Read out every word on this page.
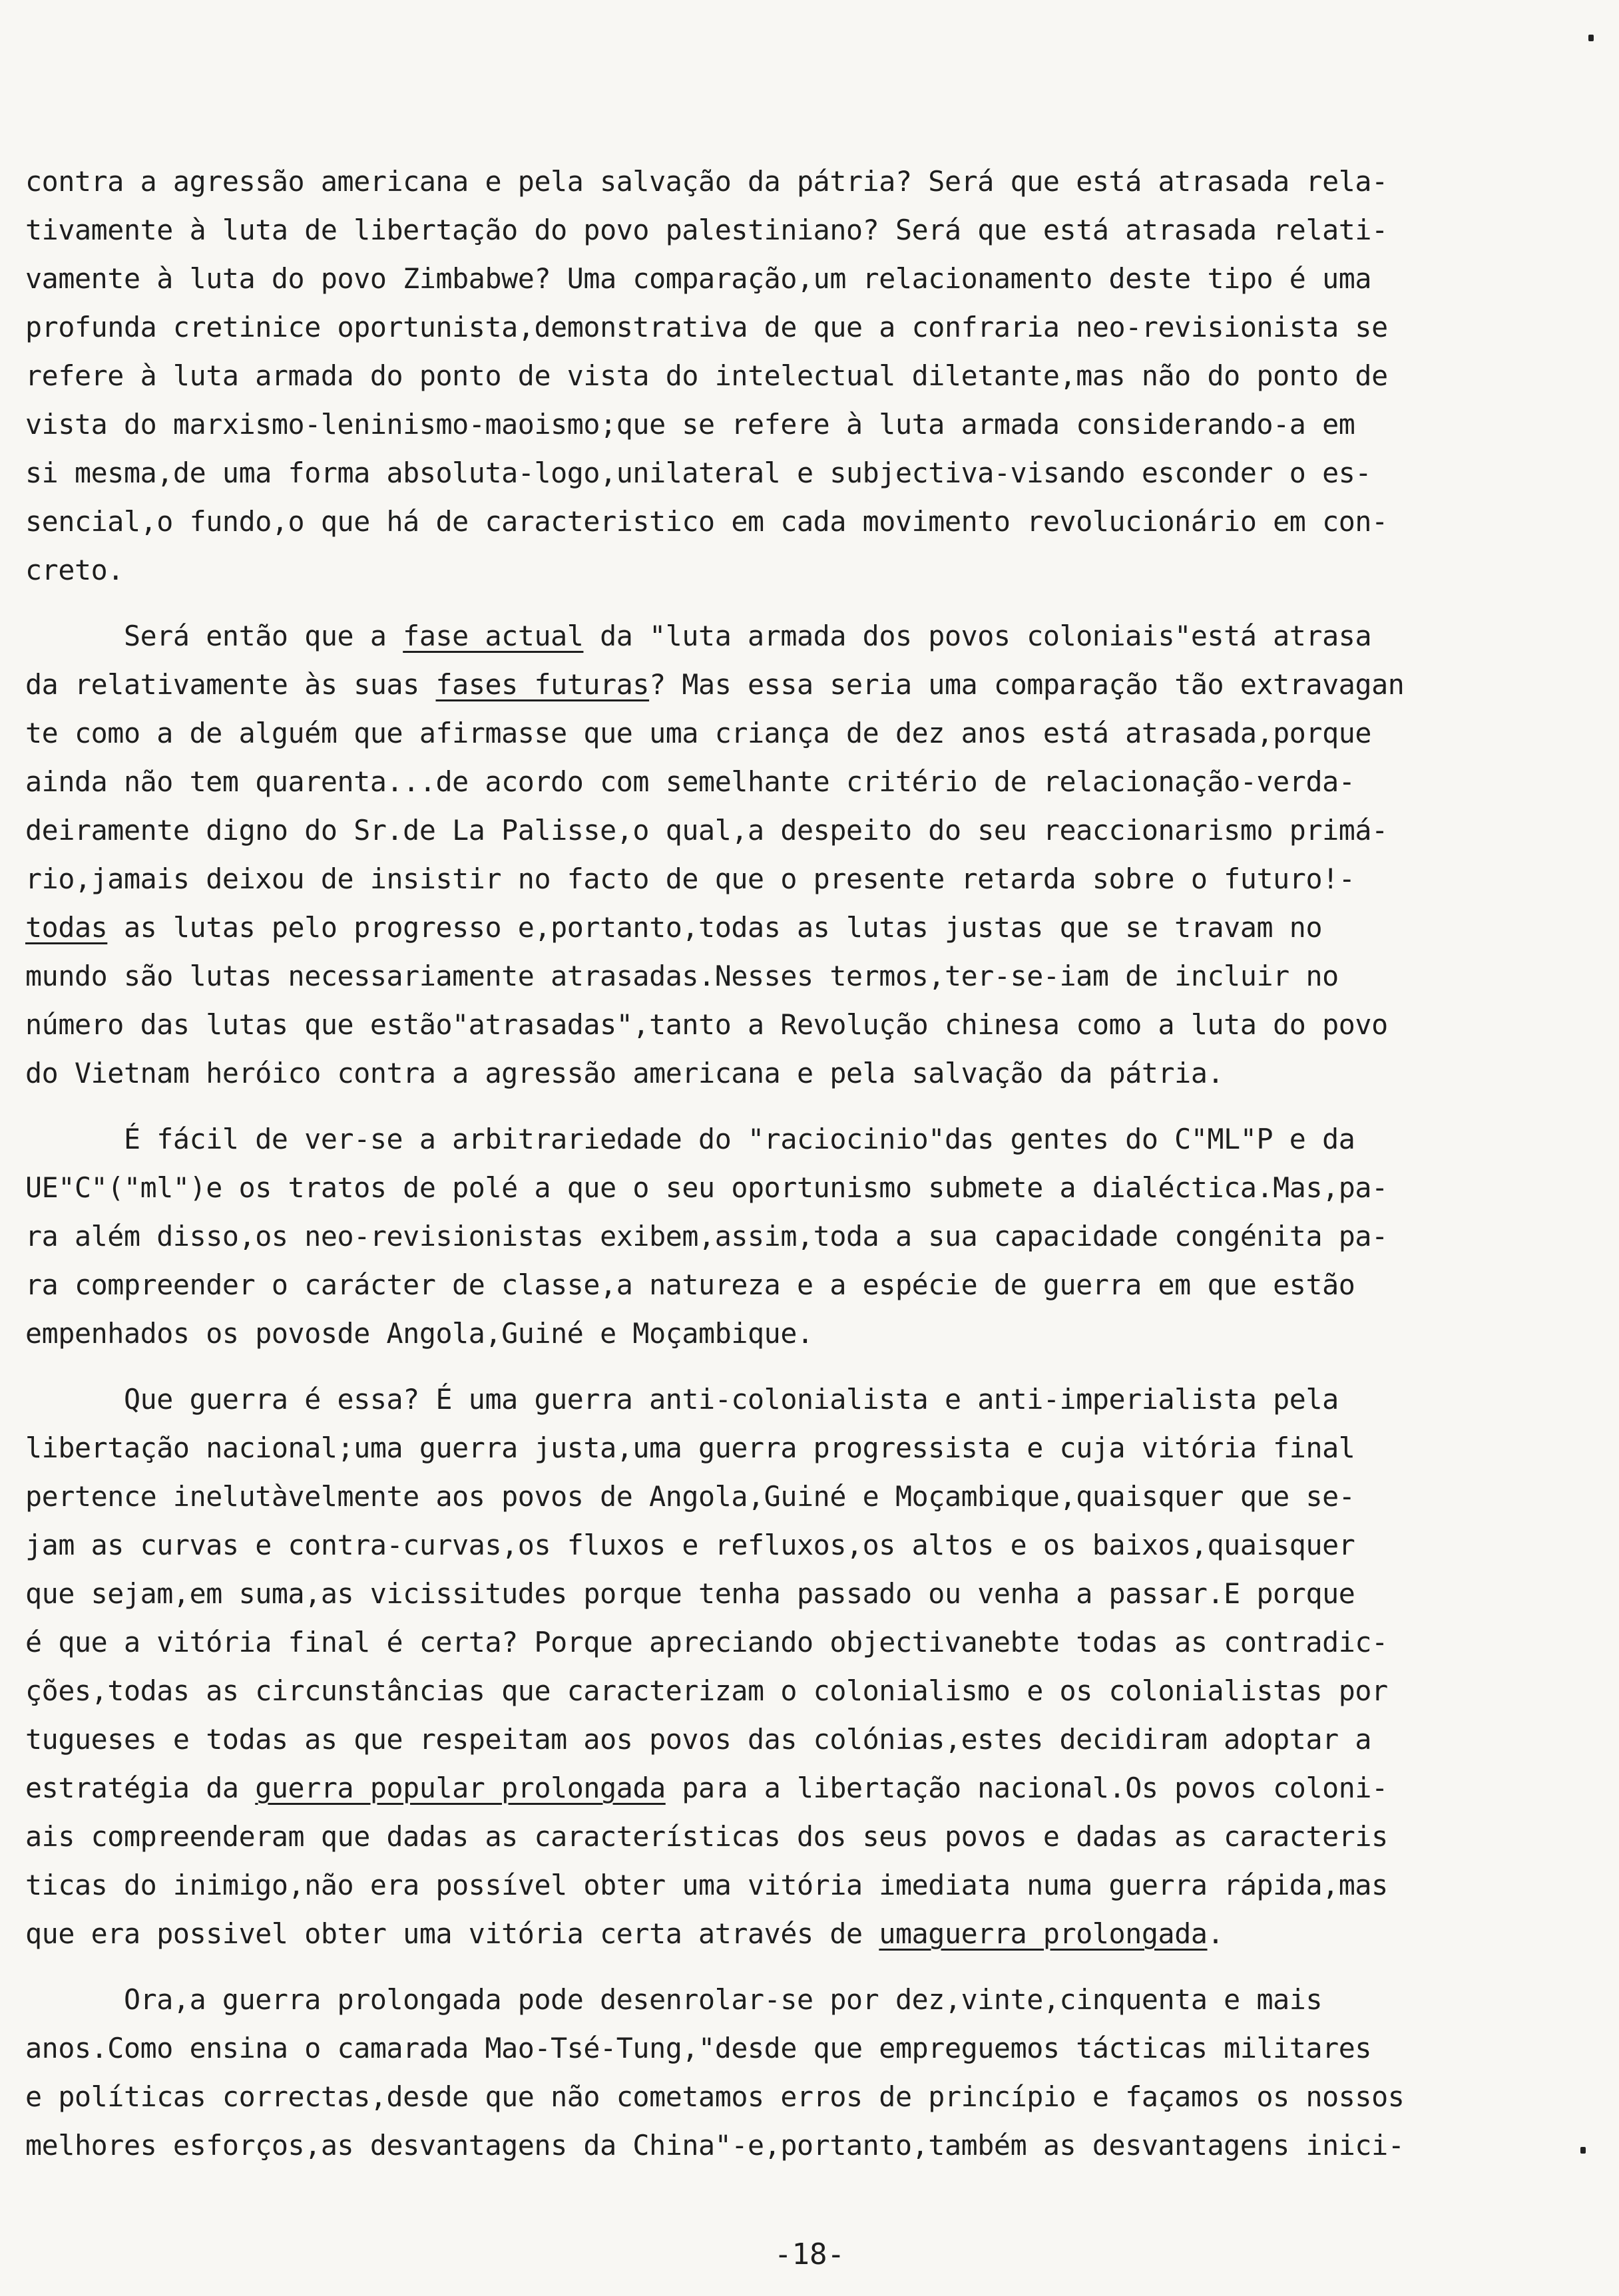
contra a agressão americana e pela salvação da pátria? Será que está atrasada rela-
tivamente à luta de libertação do povo palestiniano? Será que está atrasada relati-
vamente à luta do povo Zimbabwe? Uma comparação,um relacionamento deste tipo é uma
profunda cretinice oportunista,demonstrativa de que a confraria neo-revisionista se
refere à luta armada do ponto de vista do intelectual diletante,mas não do ponto de
vista do marxismo-leninismo-maoismo;que se refere à luta armada considerando-a em
si mesma,de uma forma absoluta-logo,unilateral e subjectiva-visando esconder o es-
sencial,o fundo,o que há de caracteristico em cada movimento revolucionário em con-
creto.
Será então que a fase actual da "luta armada dos povos coloniais"está atrasa
da relativamente às suas fases futuras? Mas essa seria uma comparação tão extravagan
te como a de alguém que afirmasse que uma criança de dez anos está atrasada,porque
ainda não tem quarenta...de acordo com semelhante critério de relacionação-verda-
deiramente digno do Sr.de La Palisse,o qual,a despeito do seu reaccionarismo primá-
rio,jamais deixou de insistir no facto de que o presente retarda sobre o futuro!-
todas as lutas pelo progresso e,portanto,todas as lutas justas que se travam no
mundo são lutas necessariamente atrasadas.Nesses termos,ter-se-iam de incluir no
número das lutas que estão"atrasadas",tanto a Revolução chinesa como a luta do povo
do Vietnam heróico contra a agressão americana e pela salvação da pátria.
É fácil de ver-se a arbitrariedade do "raciocinio"das gentes do C"ML"P e da
UE"C"("ml")e os tratos de polé a que o seu oportunismo submete a dialéctica.Mas,pa-
ra além disso,os neo-revisionistas exibem,assim,toda a sua capacidade congénita pa-
ra compreender o carácter de classe,a natureza e a espécie de guerra em que estão
empenhados os povosde Angola,Guiné e Moçambique.
Que guerra é essa? É uma guerra anti-colonialista e anti-imperialista pela
libertação nacional;uma guerra justa,uma guerra progressista e cuja vitória final
pertence inelutàvelmente aos povos de Angola,Guiné e Moçambique,quaisquer que se-
jam as curvas e contra-curvas,os fluxos e refluxos,os altos e os baixos,quaisquer
que sejam,em suma,as vicissitudes porque tenha passado ou venha a passar.E porque
é que a vitória final é certa? Porque apreciando objectivanebte todas as contradic-
ções,todas as circunstâncias que caracterizam o colonialismo e os colonialistas por
tugueses e todas as que respeitam aos povos das colónias,estes decidiram adoptar a
estratégia da guerra popular prolongada para a libertação nacional.Os povos coloni-
ais compreenderam que dadas as características dos seus povos e dadas as caracteris
ticas do inimigo,não era possível obter uma vitória imediata numa guerra rápida,mas
que era possivel obter uma vitória certa através de umaguerra prolongada.
Ora,a guerra prolongada pode desenrolar-se por dez,vinte,cinquenta e mais
anos.Como ensina o camarada Mao-Tsé-Tung,"desde que empreguemos tácticas militares
e políticas correctas,desde que não cometamos erros de princípio e façamos os nossos
melhores esforços,as desvantagens da China"-e,portanto,também as desvantagens inici-
-18-
